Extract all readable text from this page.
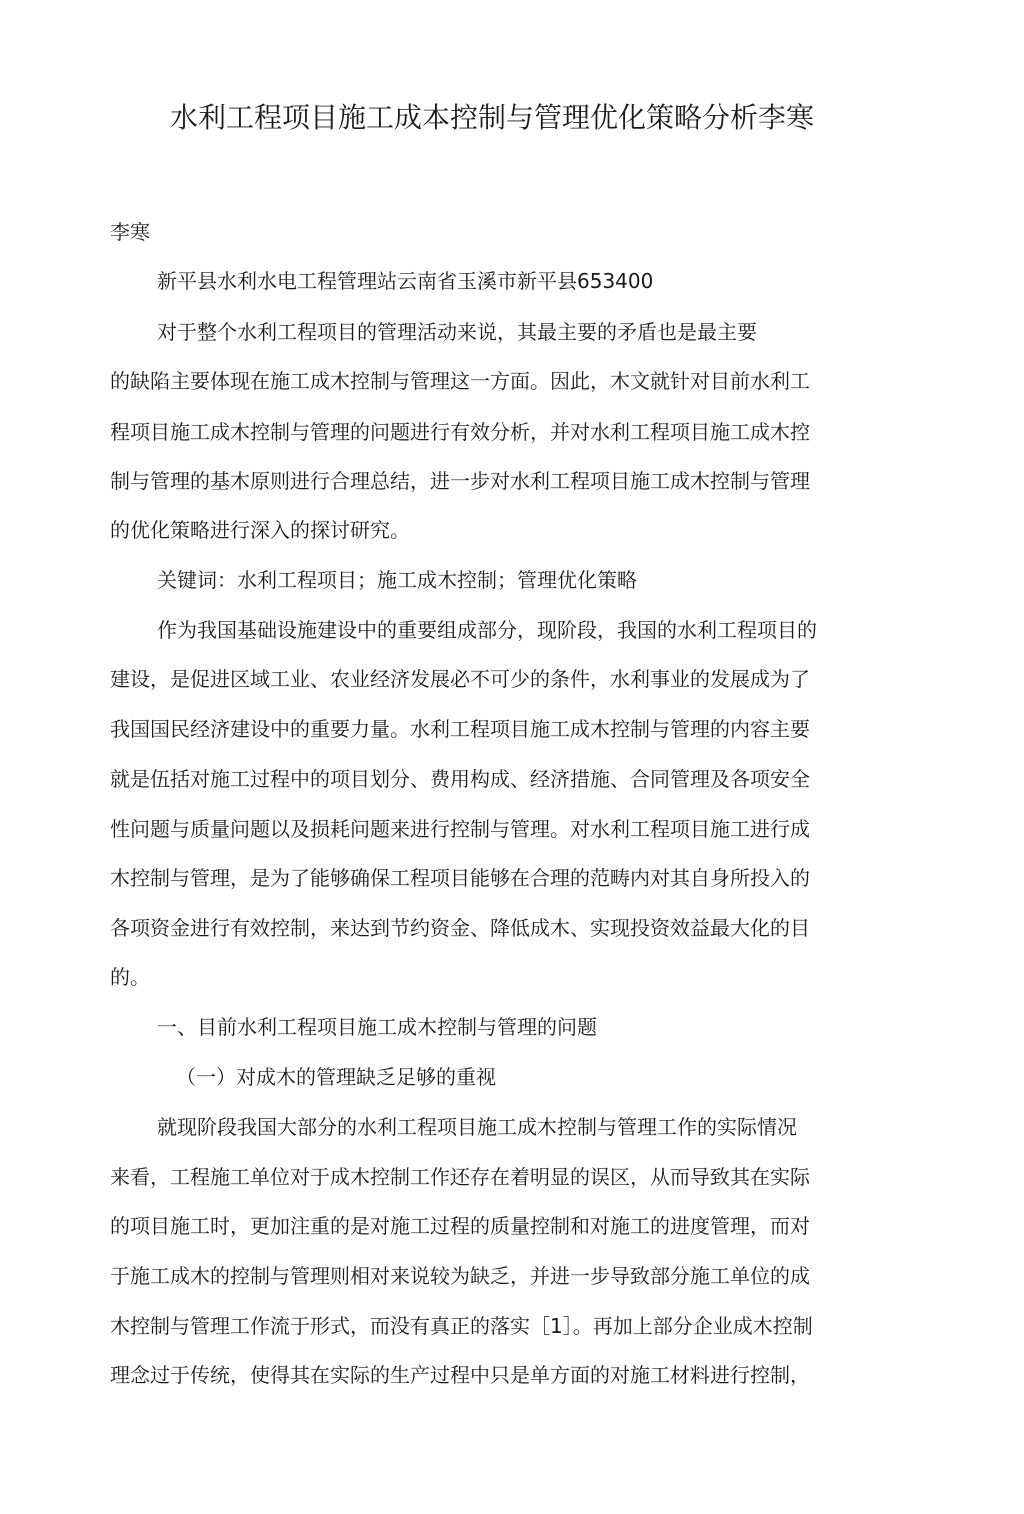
水利工程项目施工成本控制与管理优化策略分析李寒

李寒

新平县水利水电工程管理站云南省玉溪市新平县653400

对于整个水利工程项目的管理活动来说，其最主要的矛盾也是最主要

的缺陷主要体现在施工成木控制与管理这一方面。因此，木文就针对目前水利工

程项目施工成木控制与管理的问题进行有效分析，并对水利工程项目施工成木控

制与管理的基木原则进行合理总结，进一步对水利工程项目施工成木控制与管理

的优化策略进行深入的探讨研究。

关键词：水利工程项目；施工成木控制；管理优化策略

作为我国基础设施建设中的重要组成部分，现阶段，我国的水利工程项目的

建设，是促进区域工业、农业经济发展必不可少的条件，水利事业的发展成为了

我国国民经济建设中的重要力量。水利工程项目施工成木控制与管理的内容主要

就是伍括对施工过程中的项目划分、费用构成、经济措施、合同管理及各项安全

性问题与质量问题以及损耗问题来进行控制与管理。对水利工程项目施工进行成

木控制与管理，是为了能够确保工程项目能够在合理的范畴内对其自身所投入的

各项资金进行有效控制，来达到节约资金、降低成木、实现投资效益最大化的目

的。

一、目前水利工程项目施工成木控制与管理的问题

（一）对成木的管理缺乏足够的重视

就现阶段我国大部分的水利工程项目施工成木控制与管理工作的实际情况

来看，工程施工单位对于成木控制工作还存在着明显的误区，从而导致其在实际

的项目施工时，更加注重的是对施工过程的质量控制和对施工的进度管理，而对

于施工成木的控制与管理则相对来说较为缺乏，并进一步导致部分施工单位的成

木控制与管理工作流于形式，而没有真正的落实［1］。再加上部分企业成木控制

理念过于传统，使得其在实际的生产过程中只是单方面的对施工材料进行控制，
